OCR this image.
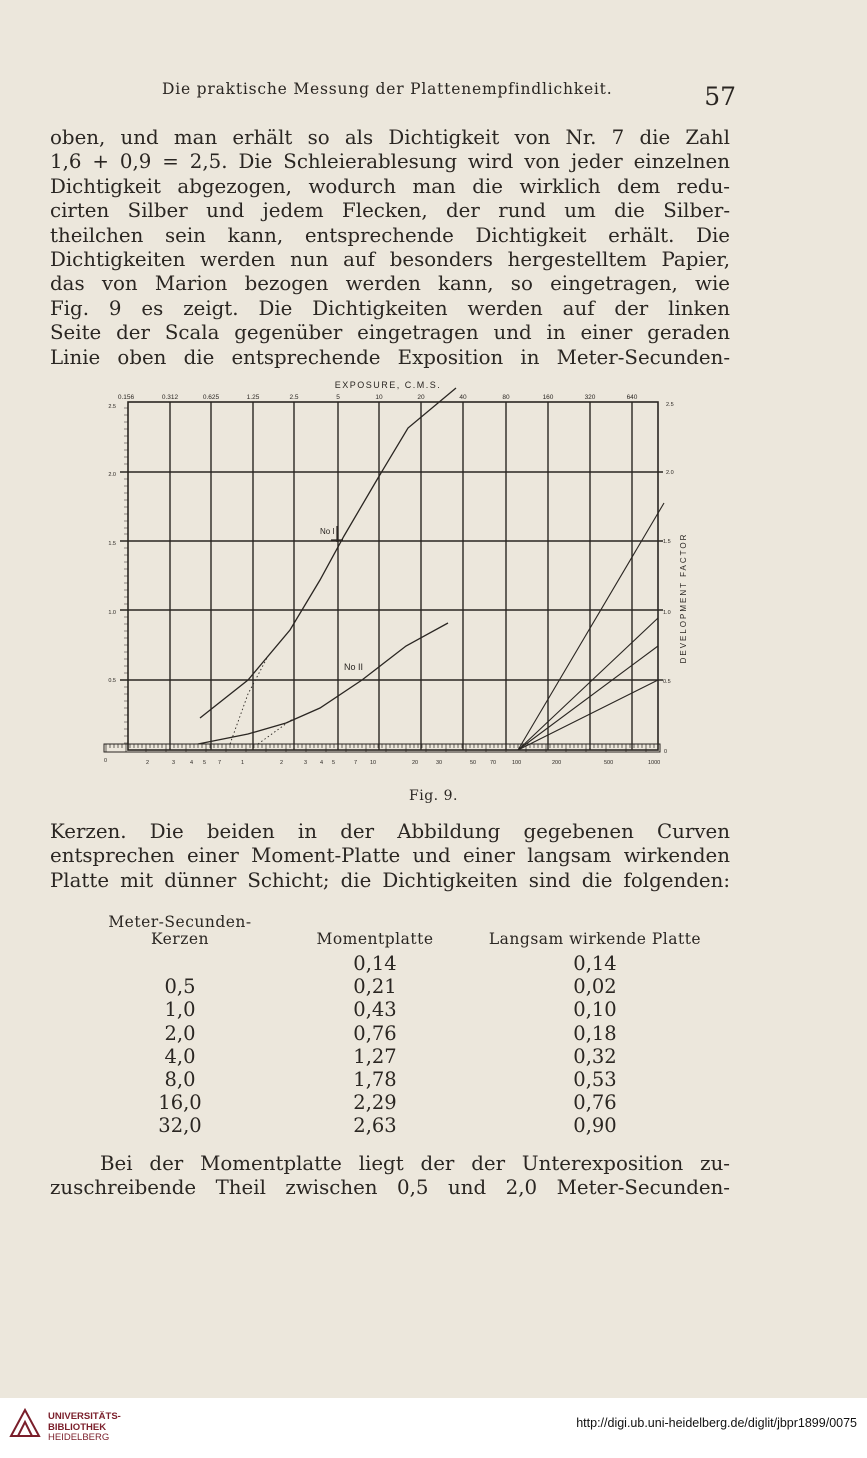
Die praktische Messung der Plattenempfindlichkeit.	57
oben, und man erhält so als Dichtigkeit von Nr. 7 die Zahl
1,6 + 0,9 = 2,5. Die Schleierablesung wird von jeder einzelnen
Dichtigkeit abgezogen, wodurch man die wirklich dem redu-
cirten Silber und jedem Flecken, der rund um die Silber-
theilchen sein kann, entsprechende Dichtigkeit erhält. Die
Dichtigkeiten werden nun auf besonders hergestelltem Papier,
das von Marion bezogen werden kann, so eingetragen, wie
Fig. 9 es zeigt. Die Dichtigkeiten werden auf der linken
Seite der Scala gegenüber eingetragen und in einer geraden
Linie oben die entsprechende Exposition in Meter-Secunden-
EXPOSURE, C.M.S.
0.156	0.312	0.625	1.25	2.5	5	10	20	40	80	160	320	640
2.5
2.0
1.5
1.0
0.5
2.5
2.0
1.5
1.0
0.5
0
DEVELOPMENT FACTOR
0	2	3	4 5 7	1	2	3 4 5	7 10	20	30	50	70	100	200	500	1000
No I
No II
Fig. 9.
Kerzen. Die beiden in der Abbildung gegebenen Curven
entsprechen einer Moment-Platte und einer langsam wirkenden
Platte mit dünner Schicht; die Dichtigkeiten sind die folgenden:
Meter-Secunden-Kerzen	Momentplatte	Langsam wirkende Platte
	0,14	0,14
0,5	0,21	0,02
1,0	0,43	0,10
2,0	0,76	0,18
4,0	1,27	0,32
8,0	1,78	0,53
16,0	2,29	0,76
32,0	2,63	0,90
Bei der Momentplatte liegt der der Unterexposition zu-
zuschreibende Theil zwischen 0,5 und 2,0 Meter-Secunden-
UNIVERSITÄTS-
BIBLIOTHEK
HEIDELBERG
http://digi.ub.uni-heidelberg.de/diglit/jbpr1899/0075
